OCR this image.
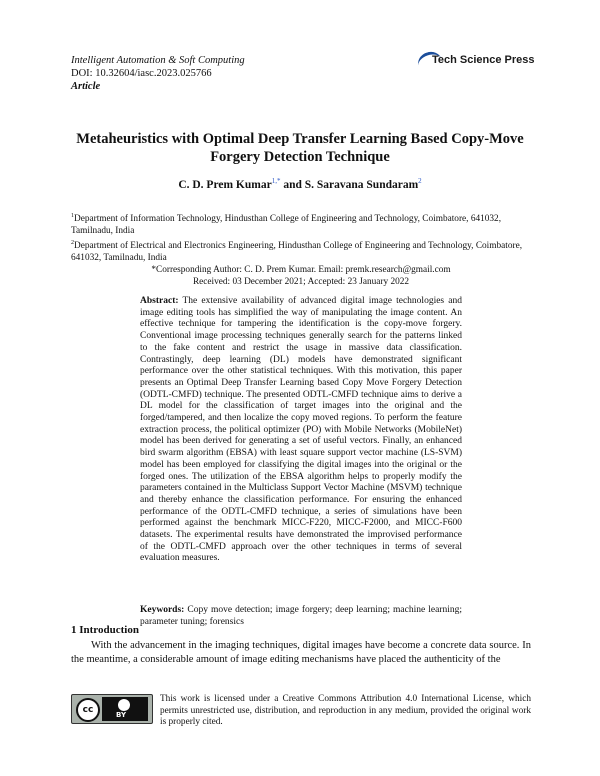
Intelligent Automation & Soft Computing
DOI: 10.32604/iasc.2023.025766
Article
Tech Science Press
Metaheuristics with Optimal Deep Transfer Learning Based Copy-Move
Forgery Detection Technique
C. D. Prem Kumar$^{1,*}$ and S. Saravana Sundaram$^2$

$^1$Department of Information Technology, Hindusthan College of Engineering and Technology, Coimbatore, 641032, Tamilnadu, India

$^2$Department of Electrical and Electronics Engineering, Hindusthan College of Engineering and Technology, Coimbatore, 641032, Tamilnadu, India

*Corresponding Author: C. D. Prem Kumar. Email: premk.research@gmail.com

Received: 03 December 2021; Accepted: 23 January 2022

Abstract: The extensive availability of advanced digital image technologies and image editing tools has simplified the way of manipulating the image content. An effective technique for tampering the identification is the copy-move forgery. Conventional image processing techniques generally search for the patterns linked to the fake content and restrict the usage in massive data classification. Contrastingly, deep learning (DL) models have demonstrated significant performance over the other statistical techniques. With this motivation, this paper presents an Optimal Deep Transfer Learning based Copy Move Forgery Detection (ODTL-CMFD) technique. The presented ODTL-CMFD technique aims to derive a DL model for the classification of target images into the original and the forged/tampered, and then localize the copy moved regions. To perform the feature extraction process, the political optimizer (PO) with Mobile Networks (MobileNet) model has been derived for generating a set of useful vectors. Finally, an enhanced bird swarm algorithm (EBSA) with least square support vector machine (LS-SVM) model has been employed for classifying the digital images into the original or the forged ones. The utilization of the EBSA algorithm helps to properly modify the parameters contained in the Multiclass Support Vector Machine (MSVM) technique and thereby enhance the classification performance. For ensuring the enhanced performance of the ODTL-CMFD technique, a series of simulations have been performed against the benchmark MICC-F220, MICC-F2000, and MICC-F600 datasets. The experimental results have demonstrated the improvised performance of the ODTL-CMFD approach over the other techniques in terms of several evaluation measures.
Keywords: Copy move detection; image forgery; deep learning; machine learning; parameter tuning; forensics
1 Introduction

With the advancement in the imaging techniques, digital images have become a concrete data source. In the meantime, a considerable amount of image editing mechanisms have placed the authenticity of the

cc	BY
This work is licensed under a Creative Commons Attribution 4.0 International License, which permits unrestricted use, distribution, and reproduction in any medium, provided the original work is properly cited.
